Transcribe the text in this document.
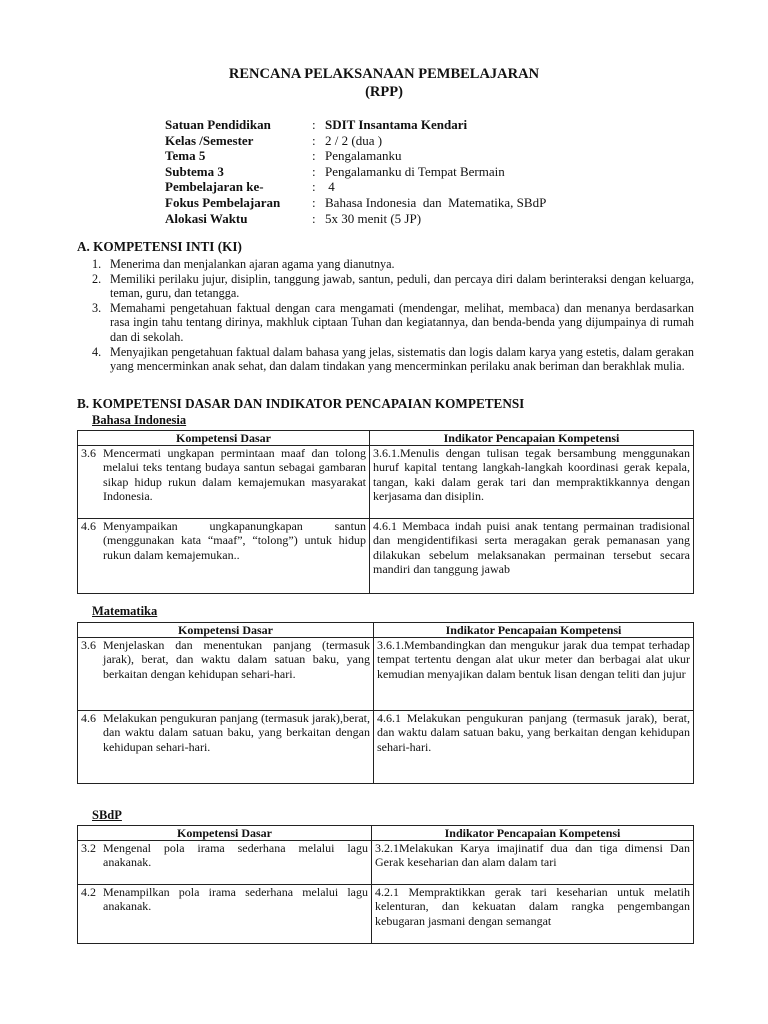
RENCANA PELAKSANAAN PEMBELAJARAN
(RPP)
Satuan Pendidikan	: SDIT Insantama Kendari
Kelas /Semester	: 2 / 2 (dua )
Tema 5	: Pengalamanku
Subtema 3	: Pengalamanku di Tempat Bermain
Pembelajaran ke-	: 4
Fokus Pembelajaran	: Bahasa Indonesia  dan  Matematika, SBdP
Alokasi Waktu	: 5x 30 menit (5 JP)
A. KOMPETENSI INTI (KI)
1. Menerima dan menjalankan ajaran agama yang dianutnya.
2. Memiliki perilaku jujur, disiplin, tanggung jawab, santun, peduli, dan percaya diri dalam berinteraksi dengan keluarga, teman, guru, dan tetangga.
3. Memahami pengetahuan faktual dengan cara mengamati (mendengar, melihat, membaca) dan menanya berdasarkan rasa ingin tahu tentang dirinya, makhluk ciptaan Tuhan dan kegiatannya, dan benda-benda yang dijumpainya di rumah dan di sekolah.
4. Menyajikan pengetahuan faktual dalam bahasa yang jelas, sistematis dan logis dalam karya yang estetis, dalam gerakan yang mencerminkan anak sehat, dan dalam tindakan yang mencerminkan perilaku anak beriman dan berakhlak mulia.
B. KOMPETENSI DASAR DAN INDIKATOR PENCAPAIAN KOMPETENSI
Bahasa Indonesia
Kompetensi Dasar	Indikator Pencapaian Kompetensi

3.6 Mencermati ungkapan permintaan maaf dan tolong melalui teks tentang budaya santun sebagai gambaran sikap hidup rukun dalam kemajemukan masyarakat Indonesia.	3.6.1.Menulis dengan tulisan tegak bersambung menggunakan huruf kapital tentang langkah-langkah koordinasi gerak kepala, tangan, kaki dalam gerak tari dan mempraktikkannya dengan kerjasama dan disiplin.

4.6 Menyampaikan ungkapanungkapan santun (menggunakan kata “maaf”, “tolong”) untuk hidup rukun dalam kemajemukan..	4.6.1 Membaca indah puisi anak tentang permainan tradisional dan mengidentifikasi serta meragakan gerak pemanasan yang dilakukan sebelum melaksanakan permainan tersebut secara mandiri dan tanggung jawab
Matematika
Kompetensi Dasar	Indikator Pencapaian Kompetensi

3.6 Menjelaskan dan menentukan panjang (termasuk jarak), berat, dan waktu dalam satuan baku, yang berkaitan dengan kehidupan sehari-hari.	3.6.1.Membandingkan dan mengukur jarak dua tempat terhadap tempat tertentu dengan alat ukur meter dan berbagai alat ukur kemudian menyajikan dalam bentuk lisan dengan teliti dan jujur

4.6 Melakukan pengukuran panjang (termasuk jarak),berat, dan waktu dalam satuan baku, yang berkaitan dengan kehidupan sehari-hari.	4.6.1 Melakukan pengukuran panjang (termasuk jarak), berat, dan waktu dalam satuan baku, yang berkaitan dengan kehidupan sehari-hari.
SBdP
Kompetensi Dasar	Indikator Pencapaian Kompetensi

3.2 Mengenal pola irama sederhana melalui lagu anakanak.	3.2.1Melakukan Karya imajinatif dua dan tiga dimensi Dan Gerak keseharian dan alam dalam tari

4.2 Menampilkan pola irama sederhana melalui lagu anakanak.	4.2.1 Mempraktikkan gerak tari keseharian untuk melatih kelenturan, dan kekuatan dalam rangka pengembangan kebugaran jasmani dengan semangat
